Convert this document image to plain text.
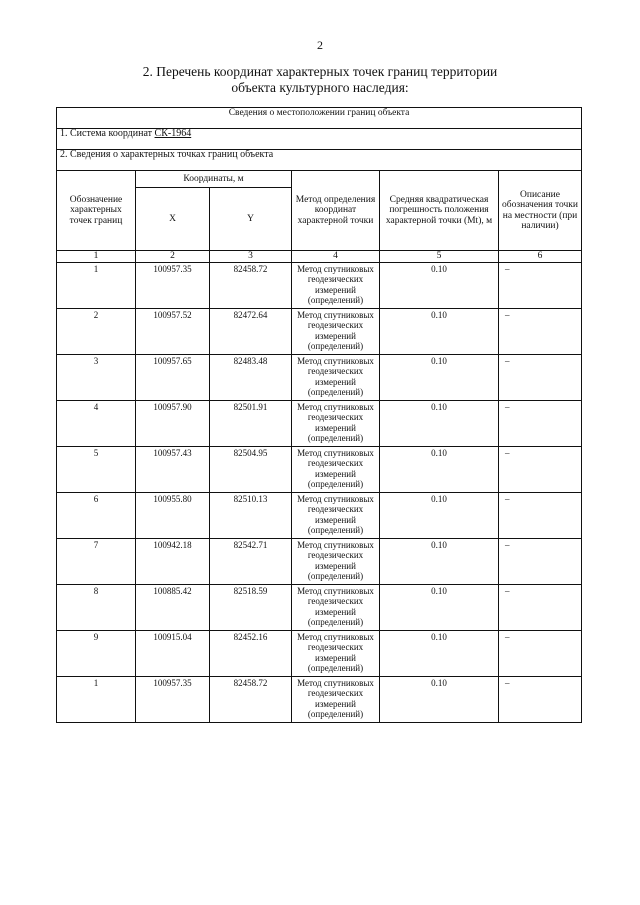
2
2. Перечень координат характерных точек границ территории
объекта культурного наследия:
Сведения о местоположении границ объекта					
1. Система координат СК-1964					
2. Сведения о характерных точках границ объекта					
Обозначение характерных точек границ	Координаты, м		Метод определения координат характерной точки	Средняя квадратическая погрешность положения характерной точки (Мt), м	Описание обозначения точки на местности (при наличии)
	X	Y			
1	2	3	4	5	6
1	100957.35	82458.72	Метод спутниковых геодезических измерений (определений)	0.10	–
2	100957.52	82472.64	Метод спутниковых геодезических измерений (определений)	0.10	–
3	100957.65	82483.48	Метод спутниковых геодезических измерений (определений)	0.10	–
4	100957.90	82501.91	Метод спутниковых геодезических измерений (определений)	0.10	–
5	100957.43	82504.95	Метод спутниковых геодезических измерений (определений)	0.10	–
6	100955.80	82510.13	Метод спутниковых геодезических измерений (определений)	0.10	–
7	100942.18	82542.71	Метод спутниковых геодезических измерений (определений)	0.10	–
8	100885.42	82518.59	Метод спутниковых геодезических измерений (определений)	0.10	–
9	100915.04	82452.16	Метод спутниковых геодезических измерений (определений)	0.10	–
1	100957.35	82458.72	Метод спутниковых геодезических измерений (определений)	0.10	–
